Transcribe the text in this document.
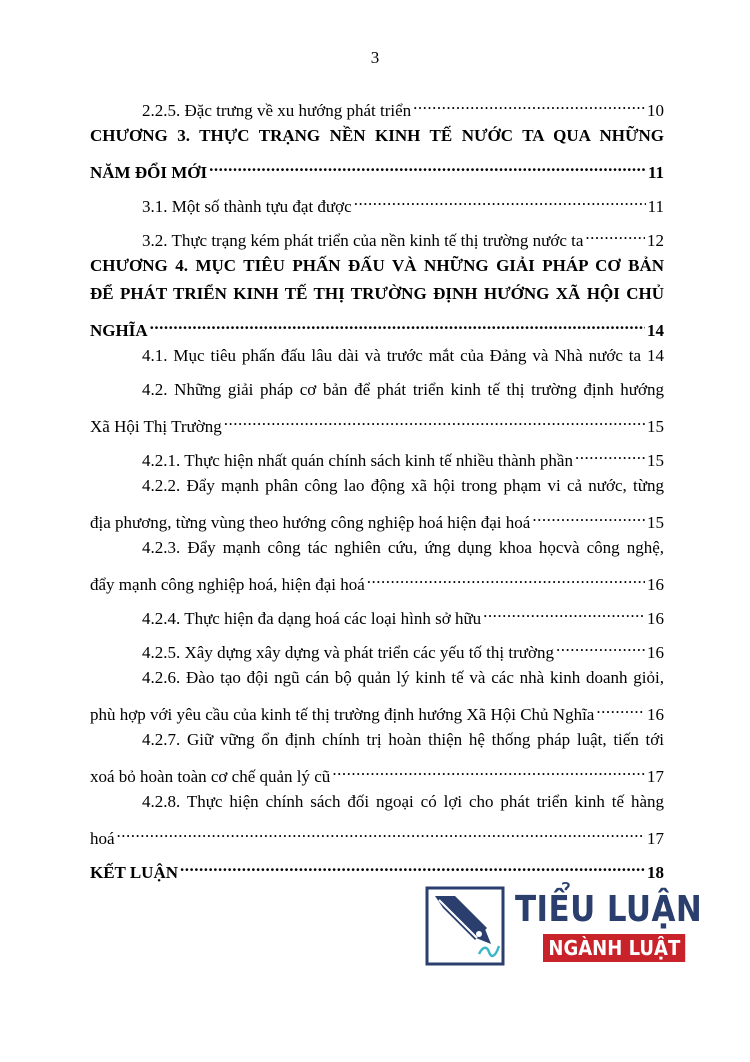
3
2.2.5. Đặc trưng về xu hướng phát triển .....	10
CHƯƠNG 3. THỰC TRẠNG NỀN KINH TẾ NƯỚC TA QUA NHỮNG
NĂM ĐỔI MỚI .....	11
3.1. Một số thành tựu đạt được .....	11
3.2. Thực trạng kém phát triển của nền kinh tế thị trường nước ta .....	12
CHƯƠNG 4. MỤC TIÊU PHẤN ĐẤU VÀ NHỮNG GIẢI PHÁP CƠ BẢN
ĐỂ PHÁT TRIỂN KINH TẾ THỊ TRƯỜNG ĐỊNH HƯỚNG XÃ HỘI CHỦ
NGHĨA .....	14
4.1. Mục tiêu phấn đấu lâu dài và trước mắt của Đảng và Nhà nước ta 14
4.2. Những giải pháp cơ bản để phát triển kinh tế thị trường định hướng
Xã Hội Thị Trường .....	15
4.2.1. Thực hiện nhất quán chính sách kinh tế nhiều thành phần .....	15
4.2.2. Đẩy mạnh phân công lao động xã hội trong phạm vi cả nước, từng
địa phương, từng vùng theo hướng công nghiệp hoá hiện đại hoá .....	15
4.2.3. Đẩy mạnh công tác nghiên cứu, ứng dụng khoa họcvà công nghệ,
đẩy mạnh công nghiệp hoá, hiện đại hoá .....	16
4.2.4. Thực hiện đa dạng hoá các loại hình sở hữu .....	16
4.2.5. Xây dựng xây dựng và phát triển các yếu tố thị trường .....	16
4.2.6. Đào tạo đội ngũ cán bộ quản lý kinh tế và các nhà kinh doanh giỏi,
phù hợp với yêu cầu của kinh tế thị trường định hướng Xã Hội Chủ Nghĩa .....	16
4.2.7. Giữ vững ổn định chính trị hoàn thiện hệ thống pháp luật, tiến tới
xoá bỏ hoàn toàn cơ chế quản lý cũ .....	17
4.2.8. Thực hiện chính sách đối ngoại có lợi cho phát triển kinh tế hàng
hoá .....	17
KẾT LUẬN .....	18
TIỂU LUẬN
NGÀNH LUẬT
